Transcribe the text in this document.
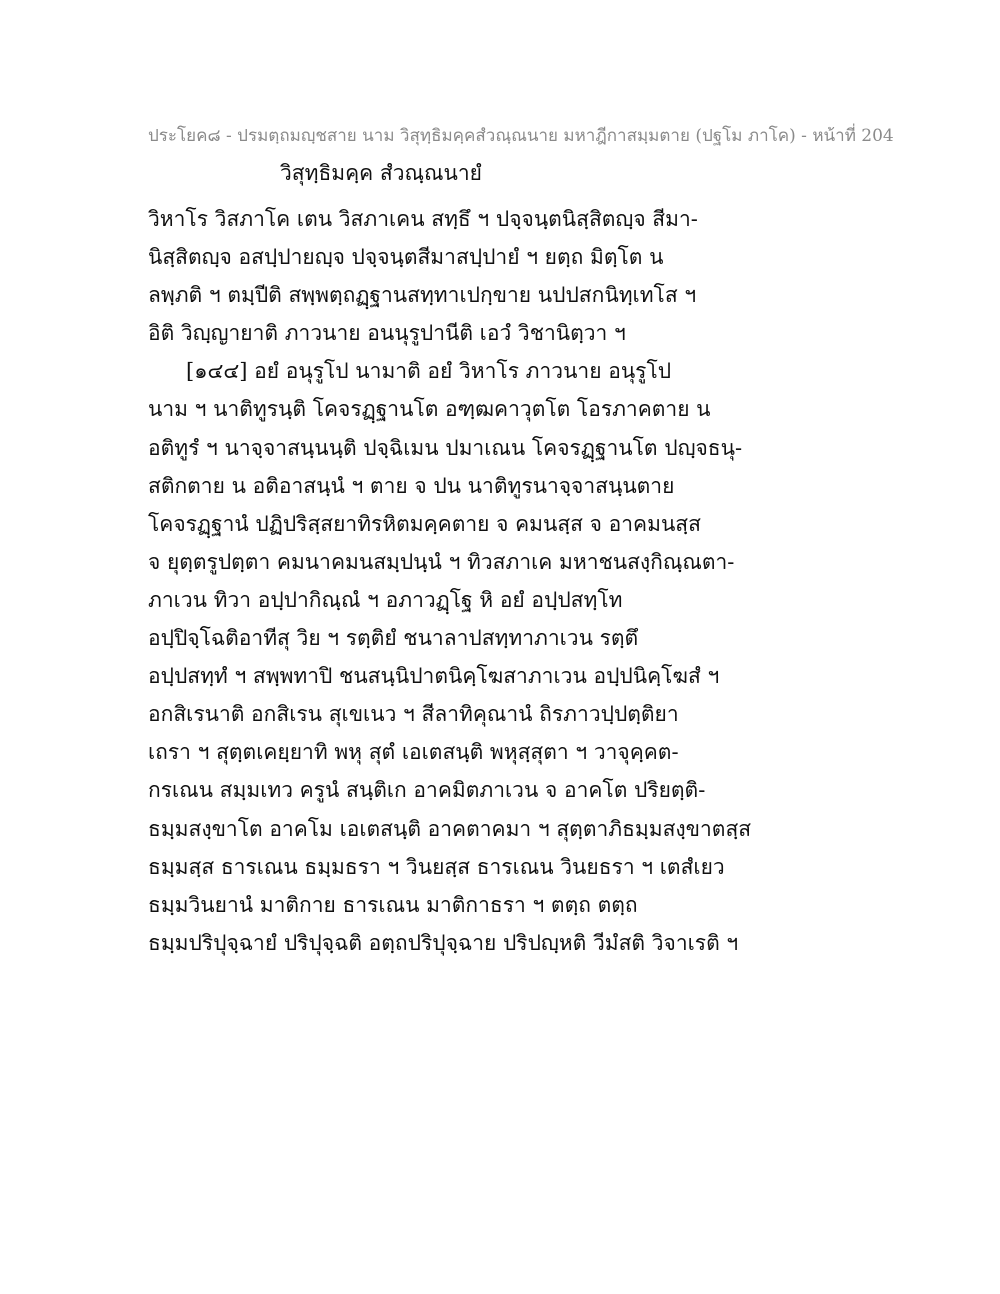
ประโยค๘ - ปรมตฺถมญฺชสาย นาม วิสุทฺธิมคฺคสํวณฺณนาย มหาฎีกาสมฺมตาย (ปฐโม ภาโค) - หน้าที่ 204
วิสุทฺธิมคฺค สํวณฺณนายํ
วิหาโร วิสภาโค เตน วิสภาเคน สทฺธึ ฯ ปจฺจนฺตนิสฺสิตญฺจ สีมา-
นิสฺสิตญฺจ อสปฺปายญฺจ ปจฺจนฺตสีมาสปฺปายํ ฯ ยตฺถ มิตฺโต น
ลพฺภติ ฯ ตมฺปีติ สพฺพตฺถฏฺฐานสทฺทาเปกฺขาย นปปสกนิทฺเทโส ฯ
อิติ วิญฺญายาติ ภาวนาย อนนุรูปานีติ เอวํ วิชานิตฺวา ฯ
[๑๔๔] อยํ อนุรูโป นามาติ อยํ วิหาโร ภาวนาย อนุรูโป
นาม ฯ นาติทูรนฺติ โคจรฏฺฐานโต อฑฺฒคาวุตโต โอรภาคตาย น
อติทูรํ ฯ นาจฺจาสนฺนนฺติ ปจฺฉิเมน ปมาเณน โคจรฏฺฐานโต ปญฺจธนุ-
สติกตาย น อติอาสนฺนํ ฯ ตาย จ ปน นาติทูรนาจฺจาสนฺนตาย
โคจรฏฺฐานํ ปฏิปริสฺสยาทิรหิตมคฺคตาย จ คมนสฺส จ อาคมนสฺส
จ ยุตฺตรูปตฺตา คมนาคมนสมฺปนฺนํ ฯ ทิวสภาเค มหาชนสงฺกิณฺณตา-
ภาเวน ทิวา อปฺปากิณฺณํ ฯ อภาวฏฺโฐ หิ อยํ อปฺปสทฺโท
อปฺปิจฺโฉติอาทีสุ วิย ฯ รตฺติยํ ชนาลาปสทฺทาภาเวน รตฺตึ
อปฺปสทฺทํ ฯ สพฺพทาปิ ชนสนฺนิปาตนิคฺโฆสาภาเวน อปฺปนิคฺโฆสํ ฯ
อกสิเรนาติ อกสิเรน สุเขเนว ฯ สีลาทิคุณานํ ถิรภาวปฺปตฺติยา
เถรา ฯ สุตฺตเคยฺยาทิ พหุ สุตํ เอเตสนฺติ พหุสฺสุตา ฯ วาจุคฺคต-
กรเณน สมฺมเทว ครูนํ สนฺติเก อาคมิตภาเวน จ อาคโต ปริยตฺติ-
ธมฺมสงฺขาโต อาคโม เอเตสนฺติ อาคตาคมา ฯ สุตฺตาภิธมฺมสงฺขาตสฺส
ธมฺมสฺส ธารเณน ธมฺมธรา ฯ วินยสฺส ธารเณน วินยธรา ฯ เตสํเยว
ธมฺมวินยานํ มาติกาย ธารเณน มาติกาธรา ฯ ตตฺถ ตตฺถ
ธมฺมปริปุจฺฉายํ ปริปุจฺฉติ อตฺถปริปุจฺฉาย ปริปญฺหติ วีมํสติ วิจาเรติ ฯ
